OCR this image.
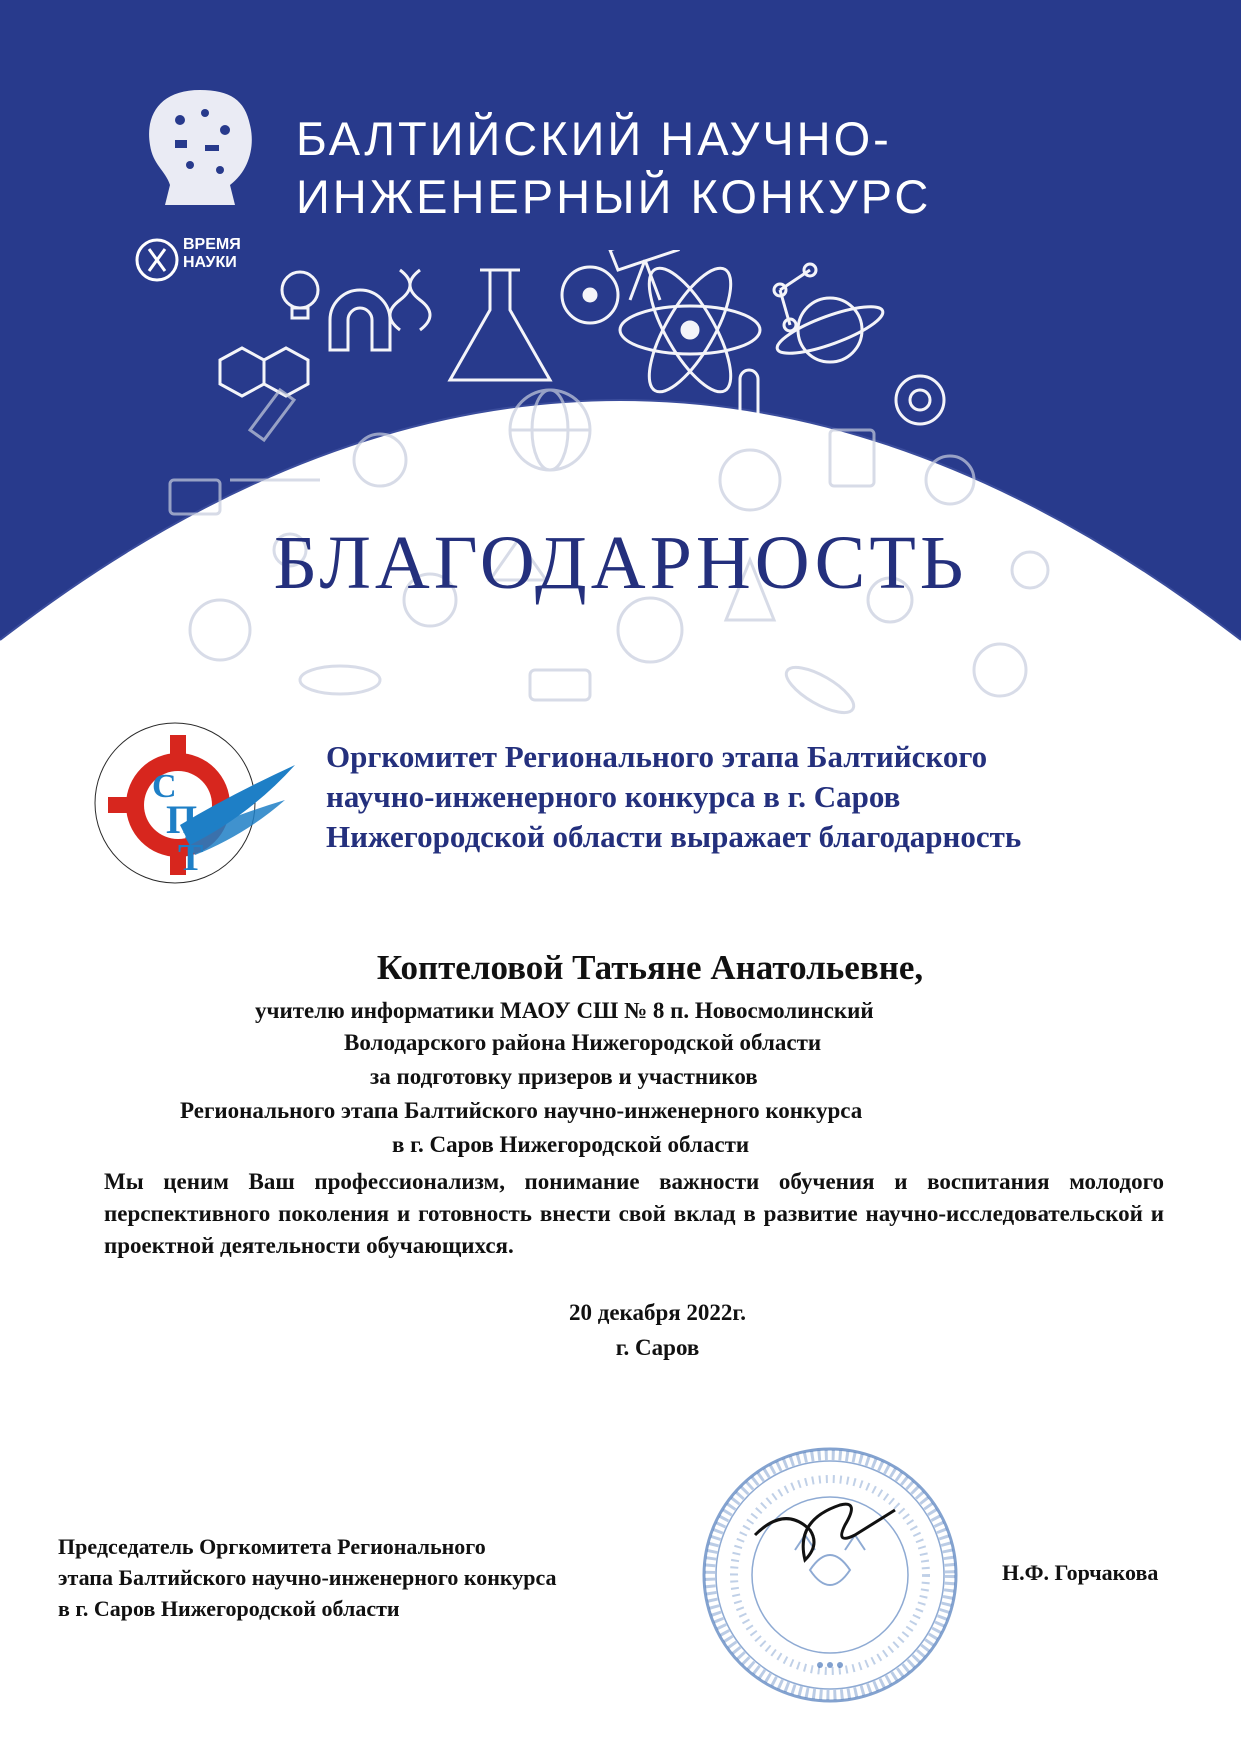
ВРЕМЯ
НАУКИ
БАЛТИЙСКИЙ НАУЧНО-
ИНЖЕНЕРНЫЙ КОНКУРС
БЛАГОДАРНОСТЬ
С
П
Т
Оргкомитет Регионального этапа Балтийского
научно-инженерного конкурса в г. Саров
Нижегородской области выражает благодарность
Коптеловой Татьяне Анатольевне,
учителю информатики МАОУ СШ № 8 п. Новосмолинский
Володарского района Нижегородской области
за подготовку призеров и участников
Регионального этапа Балтийского научно-инженерного конкурса
в г. Саров Нижегородской области
Мы ценим Ваш профессионализм, понимание важности обучения и воспитания молодого перспективного поколения и готовность внести свой вклад в развитие научно-исследовательской и проектной деятельности обучающихся.
20 декабря 2022г.
г. Саров
Председатель Оргкомитета Регионального
этапа Балтийского научно-инженерного конкурса
в г. Саров Нижегородской области
Н.Ф. Горчакова
